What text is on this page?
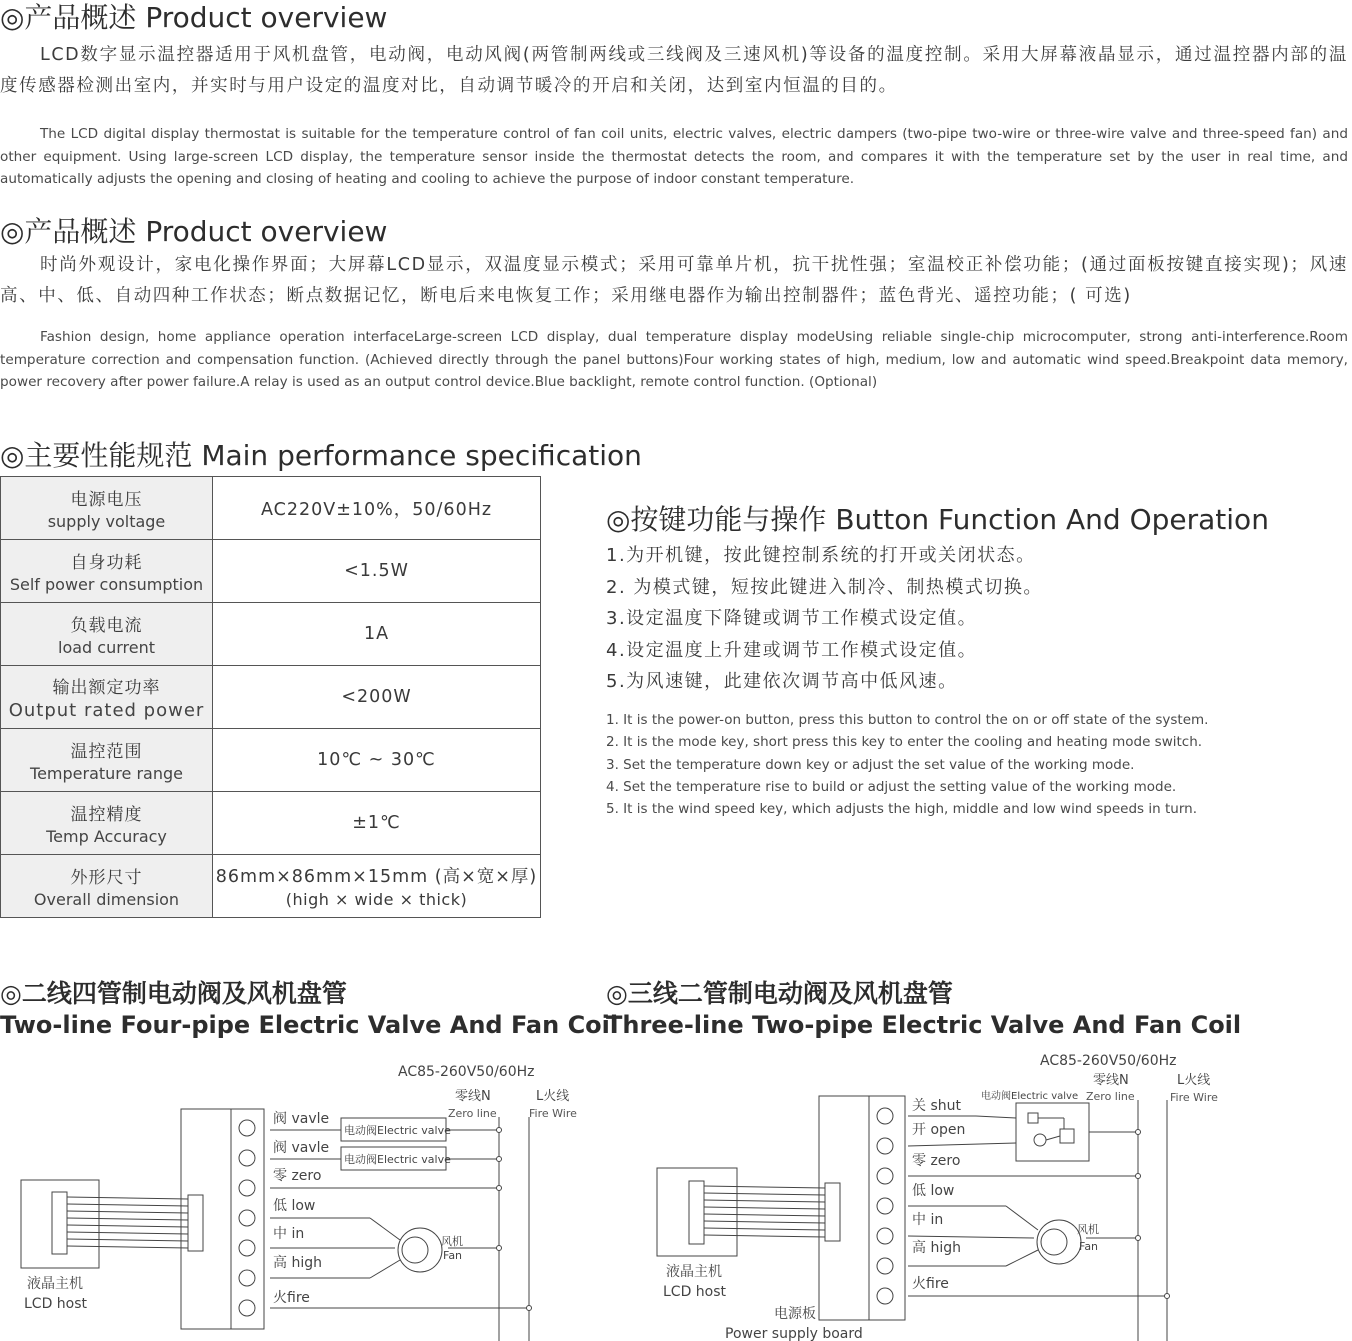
◎产品概述 Product overview

LCD数字显示温控器适用于风机盘管，电动阀，电动风阀(两管制两线或三线阀及三速风机)等设备的温度控制。采用大屏幕液晶显示，通过温控器内部的温度传感器检测出室内，并实时与用户设定的温度对比，自动调节暖冷的开启和关闭，达到室内恒温的目的。

The LCD digital display thermostat is suitable for the temperature control of fan coil units, electric valves, electric dampers (two-pipe two-wire or three-wire valve and three-speed fan) and other equipment. Using large-screen LCD display, the temperature sensor inside the thermostat detects the room, and compares it with the temperature set by the user in real time, and automatically adjusts the opening and closing of heating and cooling to achieve the purpose of indoor constant temperature.

◎产品概述 Product overview

时尚外观设计，家电化操作界面；大屏幕LCD显示，双温度显示模式；采用可靠单片机，抗干扰性强；室温校正补偿功能；(通过面板按键直接实现)；风速高、中、低、自动四种工作状态；断点数据记忆，断电后来电恢复工作；采用继电器作为输出控制器件；蓝色背光、遥控功能；( 可选)

Fashion design, home appliance operation interfaceLarge-screen LCD display, dual temperature display modeUsing reliable single-chip microcomputer, strong anti-interference.Room temperature correction and compensation function. (Achieved directly through the panel buttons)Four working states of high, medium, low and automatic wind speed.Breakpoint data memory, power recovery after power failure.A relay is used as an output control device.Blue backlight, remote control function. (Optional)

◎主要性能规范 Main performance specification
电源电压
supply voltage	AC220V±10%，50/60Hz

自身功耗
Self power consumption	<1.5W

负载电流
load current	1A

输出额定功率
Output rated power	<200W

温控范围
Temperature range	10℃ ~ 30℃

温控精度
Temp Accuracy	±1℃

外形尺寸
Overall dimension	86mm×86mm×15mm (高×宽×厚)
(high × wide × thick)
◎按键功能与操作 Button Function And Operation
1.为开机键，按此键控制系统的打开或关闭状态。
2. 为模式键，短按此键进入制冷、制热模式切换。
3.设定温度下降键或调节工作模式设定值。
4.设定温度上升建或调节工作模式设定值。
5.为风速键，此建依次调节高中低风速。
1. It is the power-on button, press this button to control the on or off state of the system.
2. It is the mode key, short press this key to enter the cooling and heating mode switch.
3. Set the temperature down key or adjust the set value of the working mode.
4. Set the temperature rise to build or adjust the setting value of the working mode.
5. It is the wind speed key, which adjusts the high, middle and low wind speeds in turn.
◎二线四管制电动阀及风机盘管
Two-line Four-pipe Electric Valve And Fan Coil
◎三线二管制电动阀及风机盘管
Three-line Two-pipe Electric Valve And Fan Coil
AC85-260V50/60Hz
零线N
Zero line
L火线
Fire Wire
液晶主机
LCD host
阀 vavle
阀 vavle
零 zero
低 low
中 in
高 high
火fire
电动阀Electric valve
电动阀Electric valve
风机
Fan
AC85-260V50/60Hz
零线N
Zero line
L火线
Fire Wire
液晶主机
LCD host
关 shut
开 open
零 zero
低 low
中 in
高 high
火fire
电源板
Power supply board
电动阀Electric valve
风机
Fan
